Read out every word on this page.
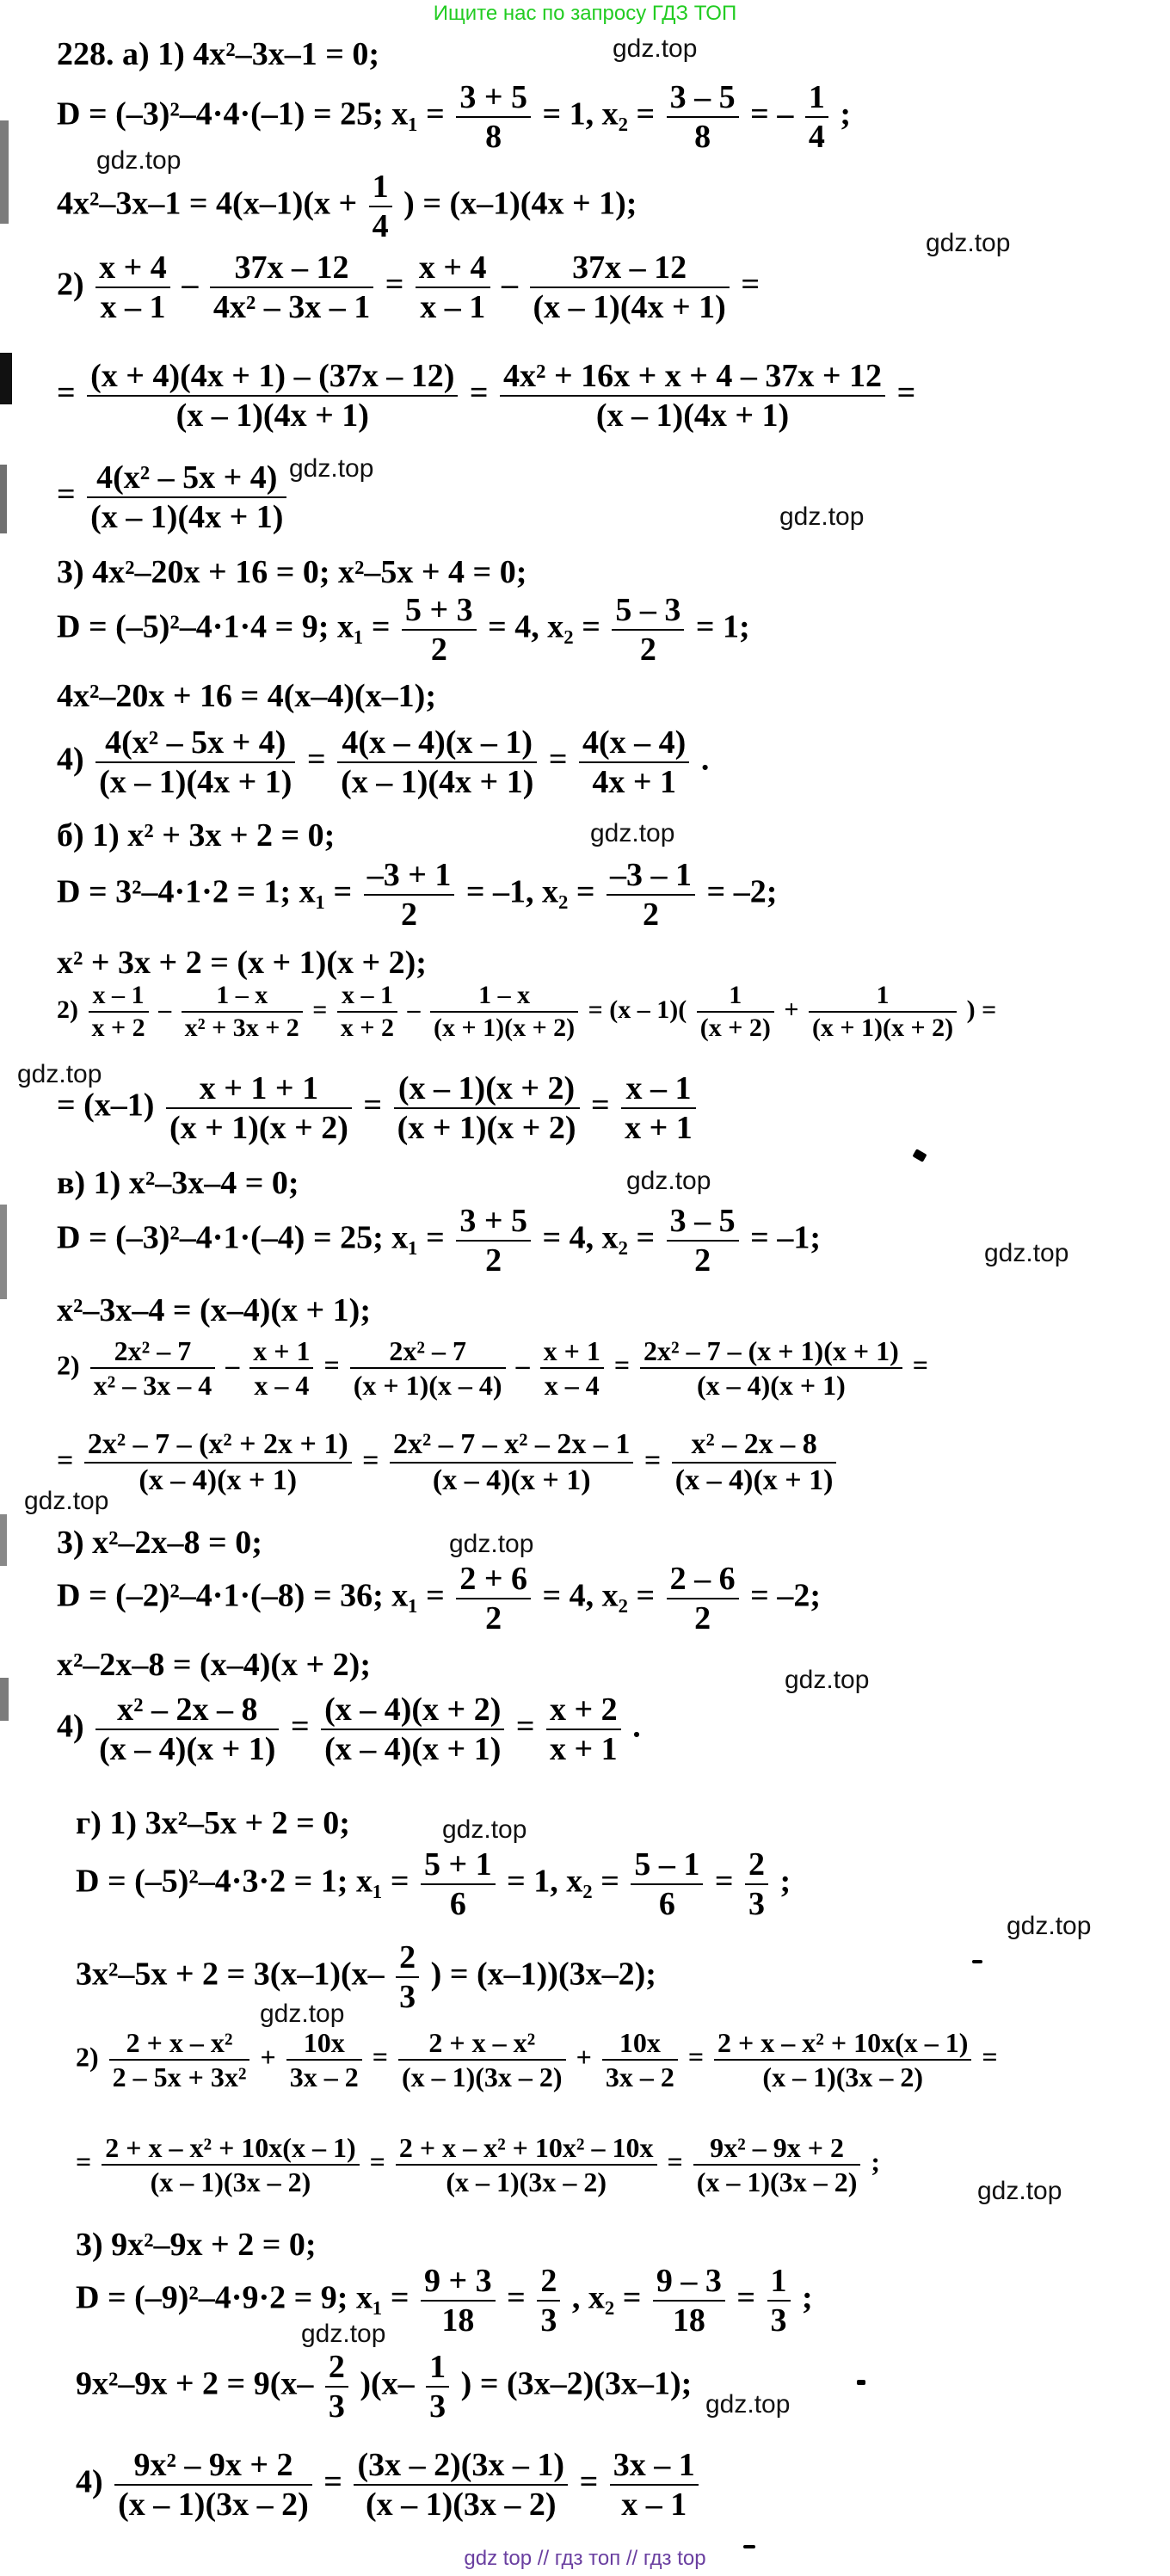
Ищите нас по запросу ГДЗ ТОП
gdz.top
gdz.top
gdz.top
gdz.top
gdz.top
gdz.top
gdz.top
gdz.top
gdz.top
gdz.top
gdz.top
gdz.top
gdz.top
gdz.top
gdz.top
gdz.top
gdz.top
gdz.top
228. а) 1) 4x²–3x–1 = 0;
D = (–3)²–4·4·(–1) = 25; $x_1 = \frac{3 + 5}{8} = 1$, $x_2 = \frac{3 - 5}{8}$ = – $\frac{1}{4}$ ;
$4x^2-3x-1 = 4(x-1)(x + \frac{1}{4}$ ) = (x–1)(4x + 1);
$2) \frac{x + 4}{x - 1} - \frac{37x - 12}{\text{4x² – 3x – 1}} = \frac{x + 4}{x - 1} - \frac{37x - 12}{(x - 1)(4x + 1)}$ =
= $\frac{(x + 4)(4x + 1) - (37x - 12)}{(x - 1)(4x + 1)} = \frac{\text{4x² + 16x + x + 4 – 37x + 12}}{(x - 1)(4x + 1)}$ =
= $\frac{\text{4(x² – 5x + 4)}}{(x - 1)(4x + 1)}$
3) 4x²–20x + 16 = 0; x²–5x + 4 = 0;
D = (–5)²–4·1·4 = 9; $x_1 = \frac{5 + 3}{2} = 4$, $x_2 = \frac{5 - 3}{2} = 1$;
4x²–20x + 16 = 4(x–4)(x–1);
$4) \frac{\text{4(x² – 5x + 4)}}{(x - 1)(4x + 1)} = \frac{4(x - 4)(x - 1)}{(x - 1)(4x + 1)} = \frac{4(x - 4)}{4x + 1}$ .
б) 1) x² + 3x + 2 = 0;
D = 3²–4·1·2 = 1; $x_1 = \frac{-3 + 1}{2} = -1$, $x_2 = \frac{-3 - 1}{2} = -2$;
x² + 3x + 2 = (x + 1)(x + 2);
$2) \frac{x - 1}{x + 2} - \frac{1 - x}{\text{x² + 3x + 2}} = \frac{x - 1}{x + 2} - \frac{1 - x}{(x + 1)(x + 2)} = (x - 1)( \frac{1}{(x + 2)} + \frac{1}{(x + 1)(x + 2)}$ ) =
= $(x-1) \frac{x + 1 + 1}{(x + 1)(x + 2)} = \frac{(x - 1)(x + 2)}{(x + 1)(x + 2)} = \frac{x - 1}{x + 1}$
в) 1) x²–3x–4 = 0;
D = (–3)²–4·1·(–4) = 25; $x_1 = \frac{3 + 5}{2} = 4$, $x_2 = \frac{3 - 5}{2} = -1$;
x²–3x–4 = (x–4)(x + 1);
$2) \frac{\text{2x² – 7}}{\text{x² – 3x – 4}} - \frac{x + 1}{x - 4} = \frac{\text{2x² – 7}}{(x + 1)(x - 4)} - \frac{x + 1}{x - 4} = \frac{\text{2x² – 7 – (x + 1)(x + 1)}}{(x - 4)(x + 1)}$ =
= $\frac{\text{2x² – 7 – (x² + 2x + 1)}}{(x - 4)(x + 1)} = \frac{\text{2x² – 7 – x² – 2x – 1}}{(x - 4)(x + 1)} = \frac{\text{x² – 2x – 8}}{(x - 4)(x + 1)}$
3) x²–2x–8 = 0;
D = (–2)²–4·1·(–8) = 36; $x_1 = \frac{2 + 6}{2} = 4$, $x_2 = \frac{2 - 6}{2} = -2$;
x²–2x–8 = (x–4)(x + 2);
$4) \frac{\text{x² – 2x – 8}}{(x - 4)(x + 1)} = \frac{(x - 4)(x + 2)}{(x - 4)(x + 1)} = \frac{x + 2}{x + 1}$ .
г) 1) 3x²–5x + 2 = 0;
D = (–5)²–4·3·2 = 1; $x_1 = \frac{5 + 1}{6} = 1$, $x_2 = \frac{5 - 1}{6} = \frac{2}{3}$ ;
$3x^2-5x + 2 = 3(x-1)(x- \frac{2}{3}$ ) = (x–1))(3x–2);
$2) \frac{\text{2 + x – x²}}{\text{2 – 5x + 3x²}} + \frac{10x}{3x - 2} = \frac{\text{2 + x – x²}}{(x - 1)(3x - 2)} + \frac{10x}{3x - 2} = \frac{\text{2 + x – x² + 10x(x – 1)}}{(x - 1)(3x - 2)}$ =
= $\frac{\text{2 + x – x² + 10x(x – 1)}}{(x - 1)(3x - 2)} = \frac{\text{2 + x – x² + 10x² – 10x}}{(x - 1)(3x - 2)} = \frac{\text{9x² – 9x + 2}}{(x - 1)(3x - 2)}$ ;
3) 9x²–9x + 2 = 0;
D = (–9)²–4·9·2 = 9; $x_1 = \frac{9 + 3}{18} = \frac{2}{3}$ , $x_2 = \frac{9 - 3}{18} = \frac{1}{3}$ ;
$9x^2-9x + 2 = 9(x- \frac{2}{3} )(x- \frac{1}{3}$ ) = (3x–2)(3x–1);
$4) \frac{\text{9x² – 9x + 2}}{(x - 1)(3x - 2)} = \frac{(3x - 2)(3x - 1)}{(x - 1)(3x - 2)} = \frac{3x - 1}{x - 1}$
gdz top // гдз топ // гдз top
